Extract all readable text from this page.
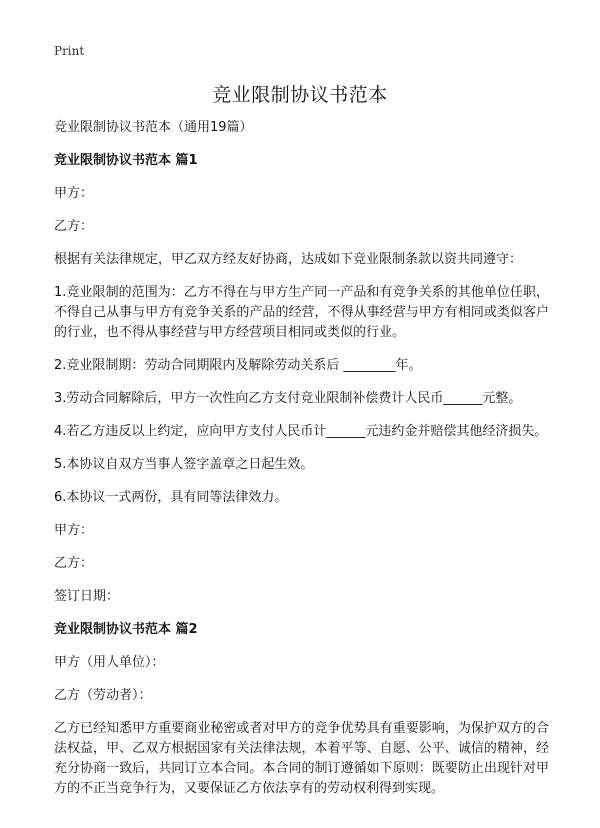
Print
竞业限制协议书范本

竞业限制协议书范本（通用19篇）

竞业限制协议书范本 篇1

甲方：

乙方：

根据有关法律规定，甲乙双方经友好协商，达成如下竞业限制条款以资共同遵守：

1.竞业限制的范围为：乙方不得在与甲方生产同一产品和有竞争关系的其他单位任职，不得自己从事与甲方有竞争关系的产品的经营，不得从事经营与甲方有相同或类似客户的行业，也不得从事经营与甲方经营项目相同或类似的行业。

2.竞业限制期：劳动合同期限内及解除劳动关系后 ________年。

3.劳动合同解除后，甲方一次性向乙方支付竞业限制补偿费计人民币______元整。

4.若乙方违反以上约定，应向甲方支付人民币计______元违约金并赔偿其他经济损失。

5.本协议自双方当事人签字盖章之日起生效。

6.本协议一式两份，具有同等法律效力。

甲方：

乙方：

签订日期：

竞业限制协议书范本 篇2

甲方（用人单位）：

乙方（劳动者）：

乙方已经知悉甲方重要商业秘密或者对甲方的竞争优势具有重要影响，为保护双方的合法权益，甲、乙双方根据国家有关法律法规，本着平等、自愿、公平、诚信的精神，经充分协商一致后，共同订立本合同。本合同的制订遵循如下原则：既要防止出现针对甲方的不正当竞争行为，又要保证乙方依法享有的劳动权利得到实现。
